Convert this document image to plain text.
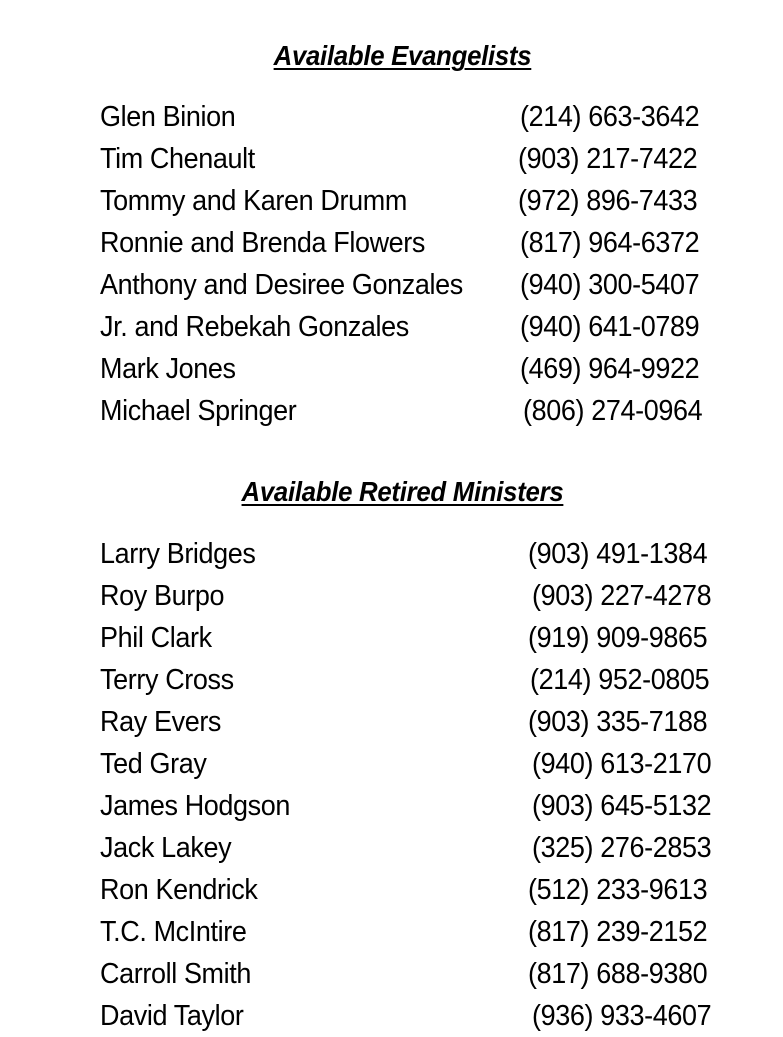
Available Evangelists
Glen Binion	(214) 663-3642
Tim Chenault	(903) 217-7422
Tommy and Karen Drumm	(972) 896-7433
Ronnie and Brenda Flowers	(817) 964-6372
Anthony and Desiree Gonzales (940) 300-5407
Jr. and Rebekah Gonzales	(940) 641-0789
Mark Jones	(469) 964-9922
Michael Springer	(806) 274-0964
Available Retired Ministers
Larry Bridges	(903) 491-1384
Roy Burpo	(903) 227-4278
Phil Clark	(919) 909-9865
Terry Cross	(214) 952-0805
Ray Evers	(903) 335-7188
Ted Gray	(940) 613-2170
James Hodgson	(903) 645-5132
Jack Lakey	(325) 276-2853
Ron Kendrick	(512) 233-9613
T.C. McIntire	(817) 239-2152
Carroll Smith	(817) 688-9380
David Taylor	(936) 933-4607
